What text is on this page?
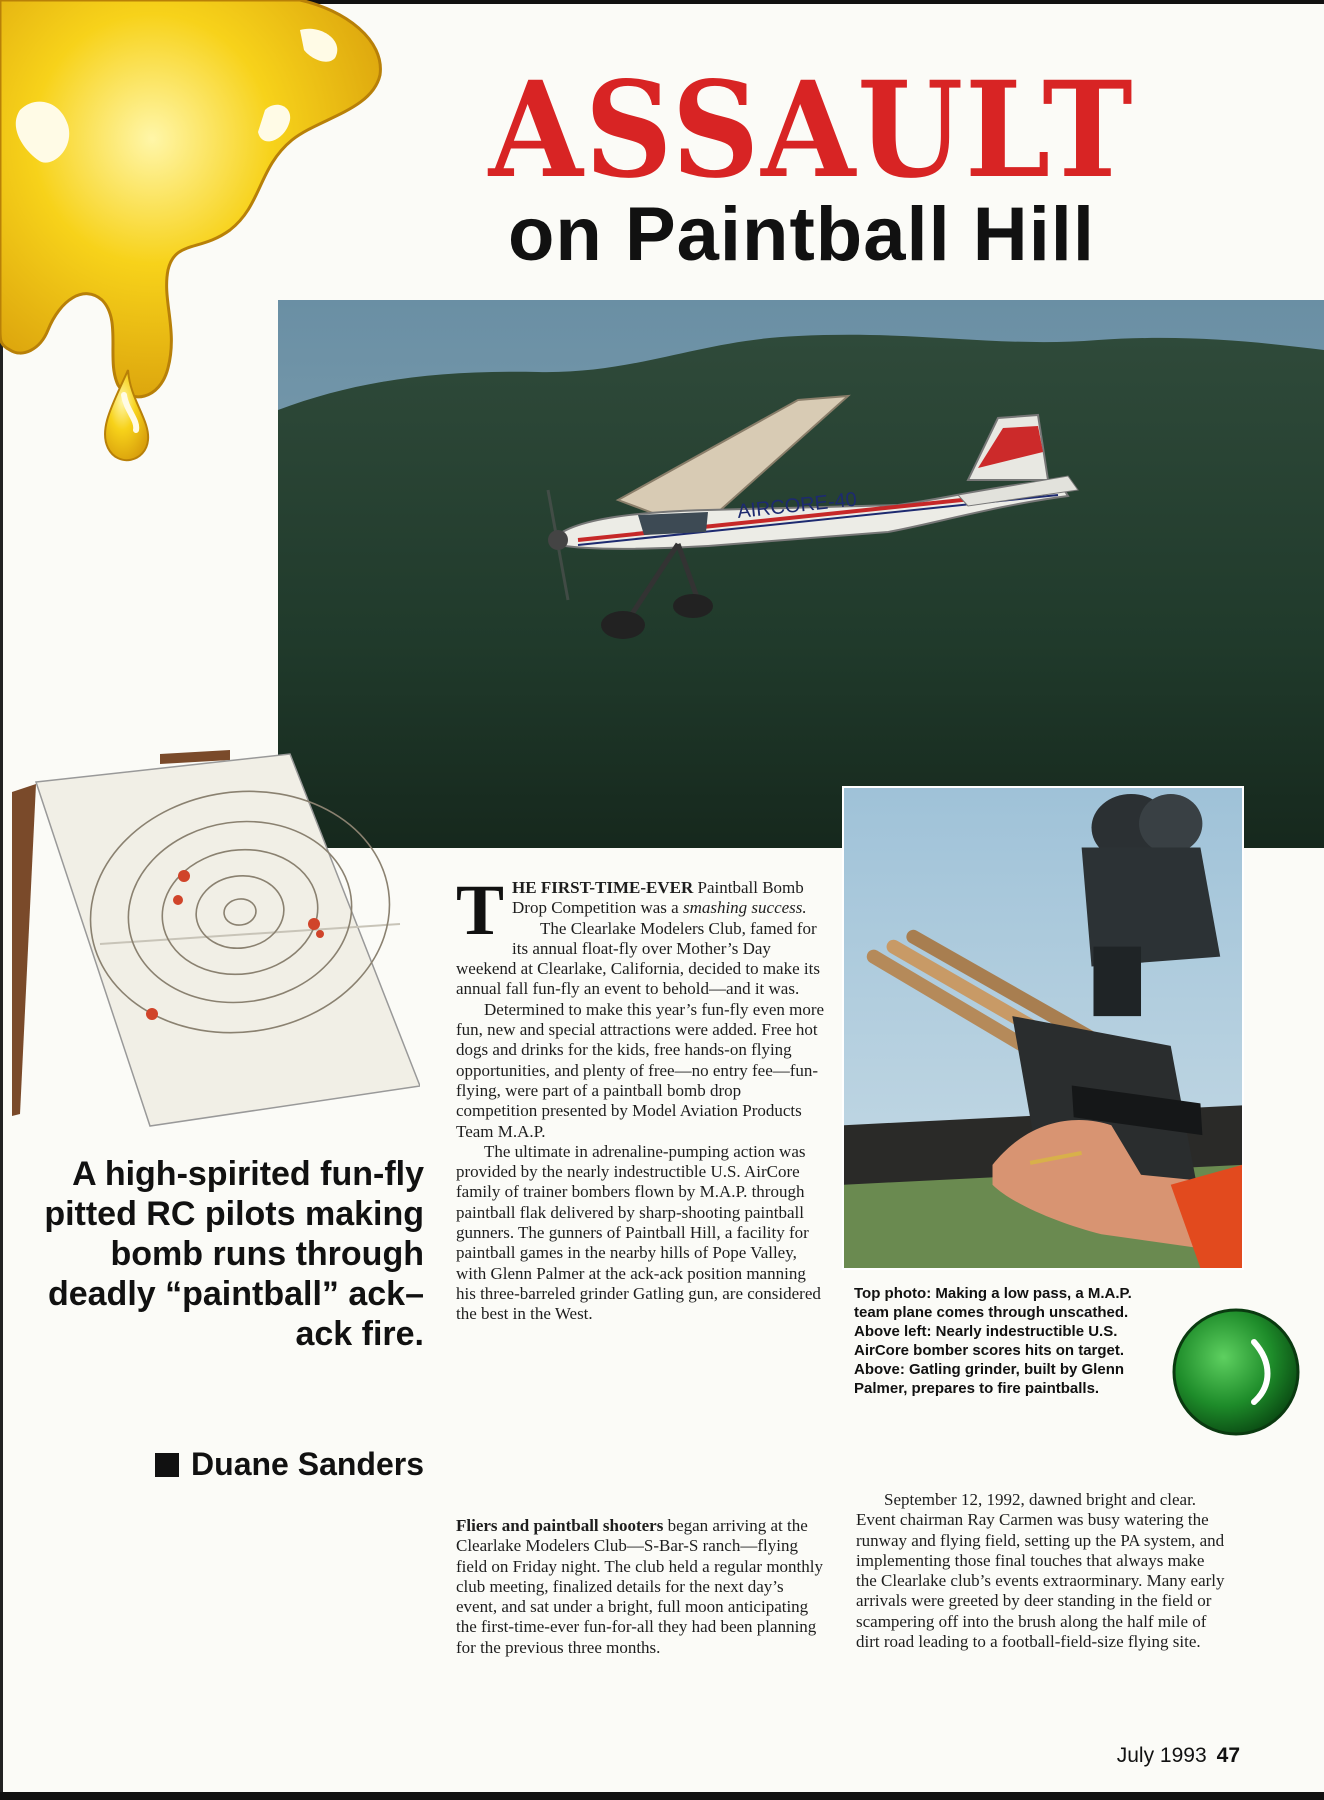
ASSAULT
on Paintball Hill
AIRCORE-40
A high-spirited fun-fly pitted RC pilots making bomb runs through deadly “paintball” ack–ack fire.
Duane Sanders

THE FIRST-TIME-EVER Paintball Bomb Drop Competition was a smashing success.

The Clearlake Modelers Club, famed for its annual float-fly over Mother’s Day weekend at Clearlake, California, decided to make its annual fall fun-fly an event to behold—and it was.

Determined to make this year’s fun-fly even more fun, new and special attractions were added. Free hot dogs and drinks for the kids, free hands-on flying opportunities, and plenty of free—no entry fee—fun-flying, were part of a paintball bomb drop competition presented by Model Aviation Products Team M.A.P.

The ultimate in adrenaline-pumping action was provided by the nearly indestructible U.S. AirCore family of trainer bombers flown by M.A.P. through paintball flak delivered by sharp-shooting paintball gunners. The gunners of Paintball Hill, a facility for paintball games in the nearby hills of Pope Valley, with Glenn Palmer at the ack-ack position manning his three-barreled grinder Gatling gun, are considered the best in the West.

Fliers and paintball shooters began arriving at the Clearlake Modelers Club—S-Bar-S ranch—flying field on Friday night. The club held a regular monthly club meeting, finalized details for the next day’s event, and sat under a bright, full moon anticipating the first-time-ever fun-for-all they had been planning for the previous three months.

Top photo: Making a low pass, a M.A.P. team plane comes through unscathed. Above left: Nearly indestructible U.S. AirCore bomber scores hits on target. Above: Gatling grinder, built by Glenn Palmer, prepares to fire paintballs.

September 12, 1992, dawned bright and clear. Event chairman Ray Carmen was busy watering the runway and flying field, setting up the PA system, and implementing those final touches that always make the Clearlake club’s events extraorminary. Many early arrivals were greeted by deer standing in the field or scampering off into the brush along the half mile of dirt road leading to a football-field-size flying site.

July 1993 47
